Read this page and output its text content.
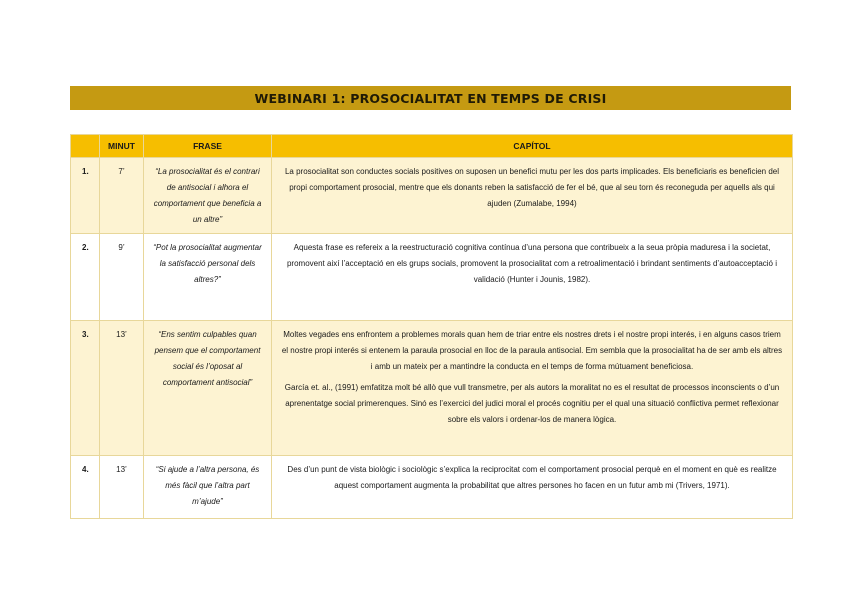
WEBINARI 1: PROSOCIALITAT EN TEMPS DE CRISI
	MINUT	FRASE	CAPÍTOL
1.	7’	“La prosocialitat és el contrari de antisocial i alhora el comportament que beneficia a un altre”	La prosocialitat son conductes socials positives on suposen un benefici mutu per les dos parts implicades. Els beneficiaris es beneficien del propi comportament prosocial, mentre que els donants reben la satisfacció de fer el bé, que al seu torn és reconeguda per aquells als qui ajuden (Zumalabe, 1994)

2.	9’	“Pot la prosocialitat augmentar la satisfacció personal dels altres?”	Aquesta frase es refereix a la reestructuració cognitiva contínua d’una persona que contribueix a la seua pròpia maduresa i la societat, promovent així l’acceptació en els grups socials, promovent la prosocialitat com a retroalimentació i brindant sentiments d’autoacceptació i validació (Hunter i Jounis, 1982).

3.	13’	“Ens sentim culpables quan pensem que el comportament social és l’oposat al comportament antisocial”	Moltes vegades ens enfrontem a problemes morals quan hem de triar entre els nostres drets i el nostre propi interés, i en alguns casos triem el nostre propi interés si entenem la paraula prosocial en lloc de la paraula antisocial. Em sembla que la prosocialitat ha de ser amb els altres i amb un mateix per a mantindre la conducta en el temps de forma mútuament beneficiosa.

García et. al., (1991) emfatitza molt bé allò que vull transmetre, per als autors la moralitat no es el resultat de processos inconscients o d’un aprenentatge social primerenques. Sinó es l’exercici del judici moral el procés cognitiu per el qual una situació conflictiva permet reflexionar sobre els valors i ordenar-los de manera lògica.

4.	13’	“Si ajude a l’altra persona, és més fàcil que l’altra part m’ajude”	Des d’un punt de vista biològic i sociològic s’explica la reciprocitat com el comportament prosocial perquè en el moment en què es realitze aquest comportament augmenta la probabilitat que altres persones ho facen en un futur amb mi (Trivers, 1971).
